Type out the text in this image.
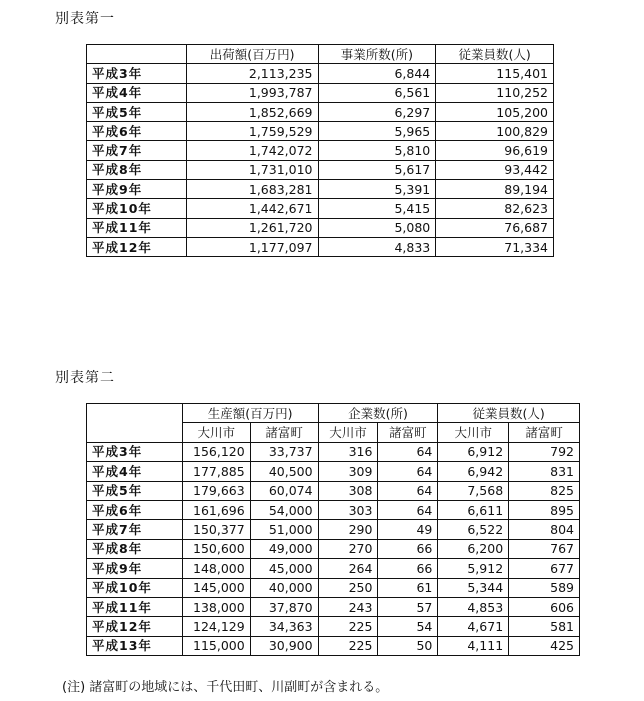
別表第一
	出荷額(百万円)	事業所数(所)	従業員数(人)
平成3年	2,113,235	6,844	115,401
平成4年	1,993,787	6,561	110,252
平成5年	1,852,669	6,297	105,200
平成6年	1,759,529	5,965	100,829
平成7年	1,742,072	5,810	96,619
平成8年	1,731,010	5,617	93,442
平成9年	1,683,281	5,391	89,194
平成10年	1,442,671	5,415	82,623
平成11年	1,261,720	5,080	76,687
平成12年	1,177,097	4,833	71,334
別表第二
	生産額(百万円)		企業数(所)		従業員数(人)	
	大川市	諸富町	大川市	諸富町	大川市	諸富町
平成3年	156,120	33,737	316	64	6,912	792
平成4年	177,885	40,500	309	64	6,942	831
平成5年	179,663	60,074	308	64	7,568	825
平成6年	161,696	54,000	303	64	6,611	895
平成7年	150,377	51,000	290	49	6,522	804
平成8年	150,600	49,000	270	66	6,200	767
平成9年	148,000	45,000	264	66	5,912	677
平成10年	145,000	40,000	250	61	5,344	589
平成11年	138,000	37,870	243	57	4,853	606
平成12年	124,129	34,363	225	54	4,671	581
平成13年	115,000	30,900	225	50	4,111	425
(注) 諸富町の地域には、千代田町、川副町が含まれる。
